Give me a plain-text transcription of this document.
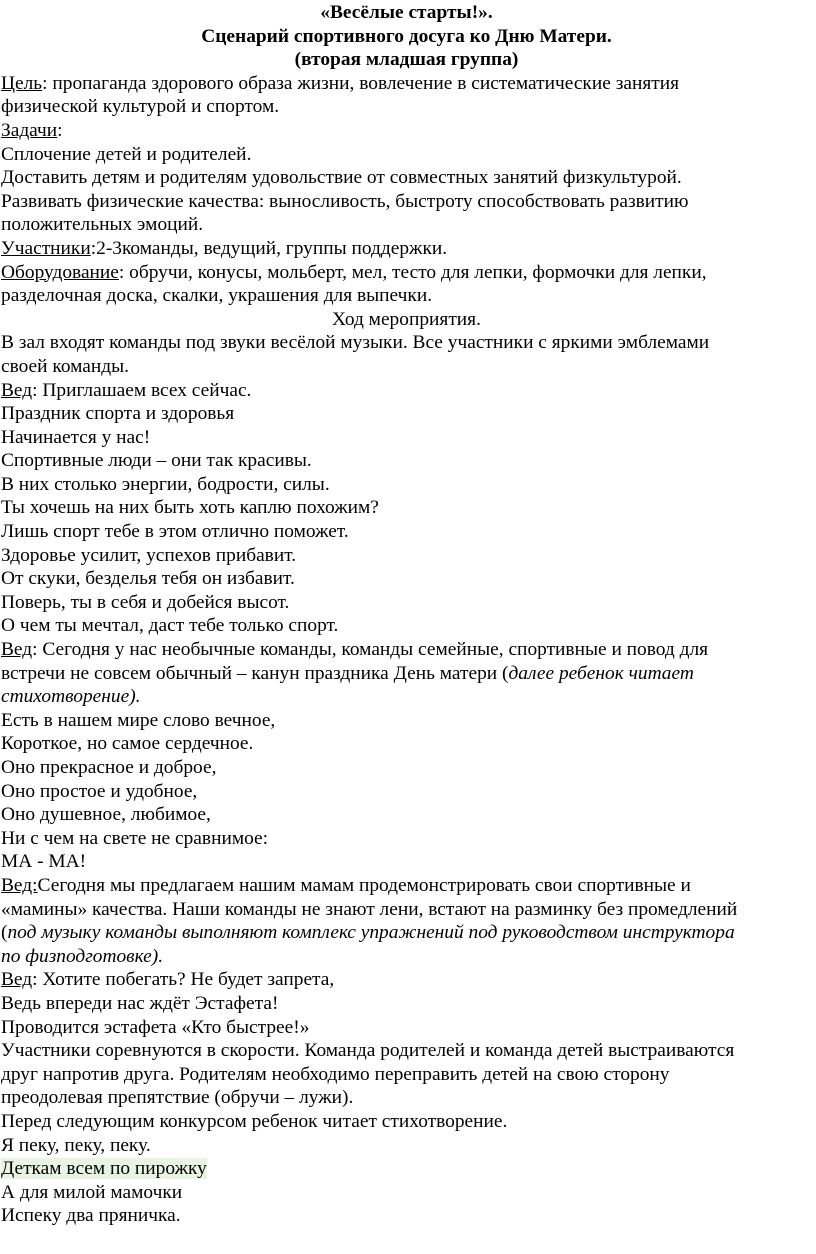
«Весёлые старты!».
Сценарий спортивного досуга ко Дню Матери.
(вторая младшая группа)
Цель: пропаганда здорового образа жизни, вовлечение в систематические занятия
физической культурой и спортом.
Задачи:
Сплочение детей и родителей.
Доставить детям и родителям удовольствие от совместных занятий физкультурой.
Развивать физические качества: выносливость, быстроту способствовать развитию
положительных эмоций.
Участники:2-3команды, ведущий, группы поддержки.
Оборудование: обручи, конусы, мольберт, мел, тесто для лепки, формочки для лепки,
разделочная доска, скалки, украшения для выпечки.
Ход мероприятия.
В зал входят команды под звуки весёлой музыки. Все участники с яркими эмблемами
своей команды.
Вед: Приглашаем всех сейчас.
Праздник спорта и здоровья
Начинается у нас!
Спортивные люди – они так красивы.
В них столько энергии, бодрости, силы.
Ты хочешь на них быть хоть каплю похожим?
Лишь спорт тебе в этом отлично поможет.
Здоровье усилит, успехов прибавит.
От скуки, безделья тебя он избавит.
Поверь, ты в себя и добейся высот.
О чем ты мечтал, даст тебе только спорт.
Вед: Сегодня у нас необычные команды, команды семейные, спортивные и повод для
встречи не совсем обычный – канун праздника День матери (далее ребенок читает
стихотворение).
Есть в нашем мире слово вечное,
Короткое, но самое сердечное.
Оно прекрасное и доброе,
Оно простое и удобное,
Оно душевное, любимое,
Ни с чем на свете не сравнимое:
МА - МА!
Вед:Сегодня мы предлагаем нашим мамам продемонстрировать свои спортивные и
«мамины» качества. Наши команды не знают лени, встают на разминку без промедлений
(под музыку команды выполняют комплекс упражнений под руководством инструктора
по физподготовке).
Вед: Хотите побегать? Не будет запрета,
Ведь впереди нас ждёт Эстафета!
Проводится эстафета «Кто быстрее!»
Участники соревнуются в скорости. Команда родителей и команда детей выстраиваются
друг напротив друга. Родителям необходимо переправить детей на свою сторону
преодолевая препятствие (обручи – лужи).
Перед следующим конкурсом ребенок читает стихотворение.
Я пеку, пеку, пеку.
Деткам всем по пирожку
А для милой мамочки
Испеку два пряничка.
